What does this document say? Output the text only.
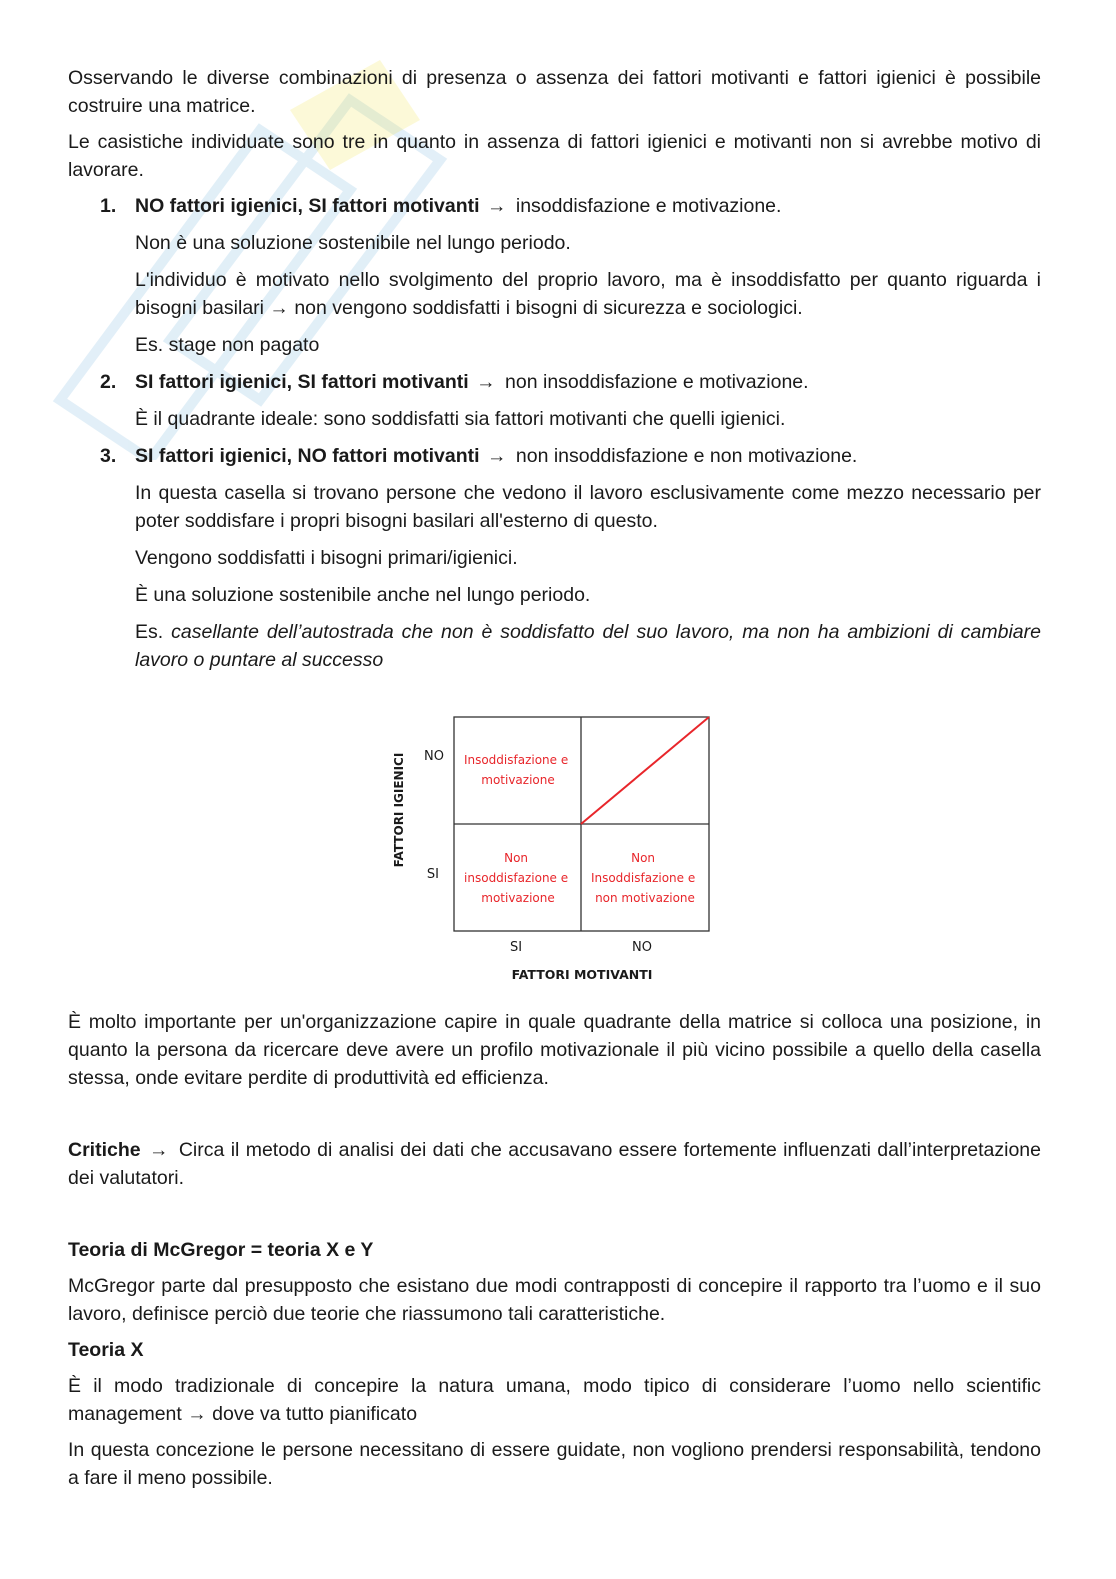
Osservando le diverse combinazioni di presenza o assenza dei fattori motivanti e fattori igienici è possibile costruire una matrice.

Le casistiche individuate sono tre in quanto in assenza di fattori igienici e motivanti non si avrebbe motivo di lavorare.

1. NO fattori igienici, SI fattori motivanti → insoddisfazione e motivazione.

Non è una soluzione sostenibile nel lungo periodo.

L'individuo è motivato nello svolgimento del proprio lavoro, ma è insoddisfatto per quanto riguarda i bisogni basilari → non vengono soddisfatti i bisogni di sicurezza e sociologici.

Es. stage non pagato

2. SI fattori igienici, SI fattori motivanti → non insoddisfazione e motivazione.

È il quadrante ideale: sono soddisfatti sia fattori motivanti che quelli igienici.

3. SI fattori igienici, NO fattori motivanti → non insoddisfazione e non motivazione.

In questa casella si trovano persone che vedono il lavoro esclusivamente come mezzo necessario per poter soddisfare i propri bisogni basilari all'esterno di questo.

Vengono soddisfatti i bisogni primari/igienici.

È una soluzione sostenibile anche nel lungo periodo.

Es. casellante dell’autostrada che non è soddisfatto del suo lavoro, ma non ha ambizioni di cambiare lavoro o puntare al successo

FATTORI IGIENICI NO
SI
Insoddisfazione e motivazione
Non insoddisfazione e motivazione
Non Insoddisfazione e non motivazione
SI	NO
FATTORI MOTIVANTI

È molto importante per un'organizzazione capire in quale quadrante della matrice si colloca una posizione, in quanto la persona da ricercare deve avere un profilo motivazionale il più vicino possibile a quello della casella stessa, onde evitare perdite di produttività ed efficienza.

Critiche → Circa il metodo di analisi dei dati che accusavano essere fortemente influenzati dall’interpretazione dei valutatori.

Teoria di McGregor = teoria X e Y

McGregor parte dal presupposto che esistano due modi contrapposti di concepire il rapporto tra l’uomo e il suo lavoro, definisce perciò due teorie che riassumono tali caratteristiche.

Teoria X

È il modo tradizionale di concepire la natura umana, modo tipico di considerare l’uomo nello scientific management → dove va tutto pianificato

In questa concezione le persone necessitano di essere guidate, non vogliono prendersi responsabilità, tendono a fare il meno possibile.
